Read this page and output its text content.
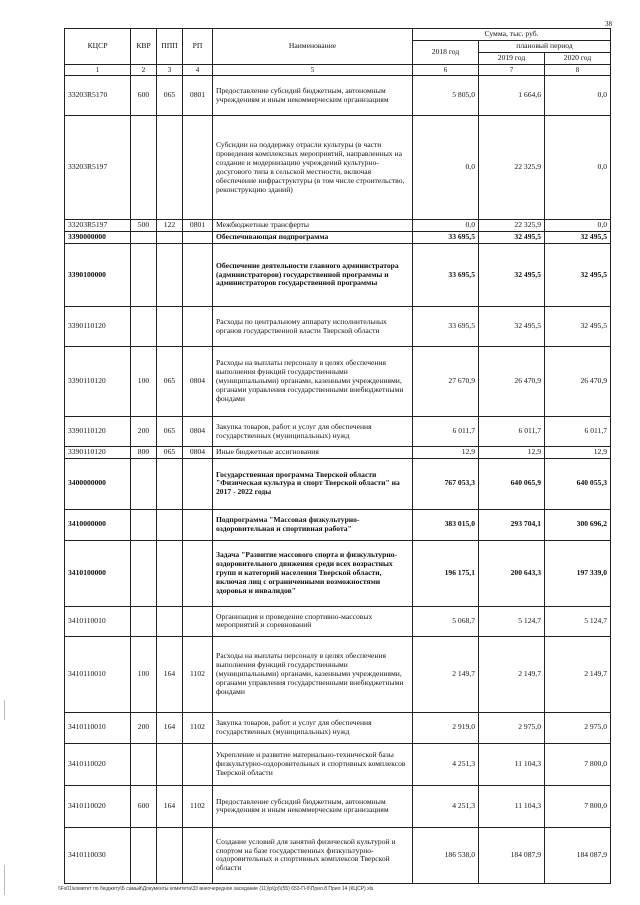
38
КЦСР	КВР	ППП	РП	Наименование	Сумма, тыс. руб.		
					2018 год	плановый период	
						2019 год	2020 год
1	2	3	4	5	6	7	8
33203R5170	600	065	0801	Предоставление субсидий бюджетным, автономным учреждениям и иным некоммерческим организациям	5 805,0	1 664,6	0,0
33203R5197				Субсидии на поддержку отрасли культуры (в части проведения комплексных мероприятий, направленных на создание и модернизацию учреждений культурно-досугового типа в сельской местности, включая обеспечение инфраструктуры (в том числе строительство, реконструкцию зданий)	0,0	22 325,9	0,0
33203R5197	500	122	0801	Межбюджетные трансферты	0,0	22 325,9	0,0
3390000000				Обеспечивающая подпрограмма	33 695,5	32 495,5	32 495,5
3390100000				Обеспечение деятельности главного администратора (администраторов) государственной программы и администраторов государственной программы	33 695,5	32 495,5	32 495,5
3390110120				Расходы по центральному аппарату исполнительных органов государственной власти Тверской области	33 695,5	32 495,5	32 495,5
3390110120	100	065	0804	Расходы на выплаты персоналу в целях обеспечения выполнения функций государственными (муниципальными) органами, казенными учреждениями, органами управления государственными внебюджетными фондами	27 670,9	26 470,9	26 470,9
3390110120	200	065	0804	Закупка товаров, работ и услуг для обеспечения государственных (муниципальных) нужд	6 011,7	6 011,7	6 011,7
3390110120	800	065	0804	Иные бюджетные ассигнования	12,9	12,9	12,9
3400000000				Государственная программа Тверской области "Физическая культура и спорт Тверской области" на 2017 - 2022 годы	767 053,3	640 065,9	640 055,3
3410000000				Подпрограмма "Массовая физкультурно-оздоровительная и спортивная работа"	383 015,0	293 704,1	300 696,2
3410100000				Задача "Развитие массового спорта и физкультурно-оздоровительного движения среди всех возрастных групп и категорий населения Тверской области, включая лиц с ограниченными возможностями здоровья и инвалидов"	196 175,1	200 643,3	197 339,0
3410110010				Организация и проведение спортивно-массовых мероприятий и соревнований	5 068,7	5 124,7	5 124,7
3410110010	100	164	1102	Расходы на выплаты персоналу в целях обеспечения выполнения функций государственными (муниципальными) органами, казенными учреждениями, органами управления государственными внебюджетными фондами	2 149,7	2 149,7	2 149,7
3410110010	200	164	1102	Закупка товаров, работ и услуг для обеспечения государственных (муниципальных) нужд	2 919,0	2 975,0	2 975,0
3410110020				Укрепление и развитие материально-технической базы физкультурно-оздоровительных и спортивных комплексов Тверской области	4 251,3	11 104,3	7 800,0
3410110020	600	164	1102	Предоставление субсидий бюджетным, автономным учреждениям и иным некоммерческим организациям	4 251,3	11 104,3	7 800,0
3410110030				Создание условий для занятий физической культурой и спортом на базе государственных физкультурно-оздоровительных и спортивных комплексов Тверской области	186 538,0	184 087,9	184 087,9
\\Fs01\комитет по бюджету\Б самый\Документы комитета\33 внеочередное заседание (11)\р\(р)\(55) 653-П-б\Прил.8 Прил 14 (КЦСР).xls
